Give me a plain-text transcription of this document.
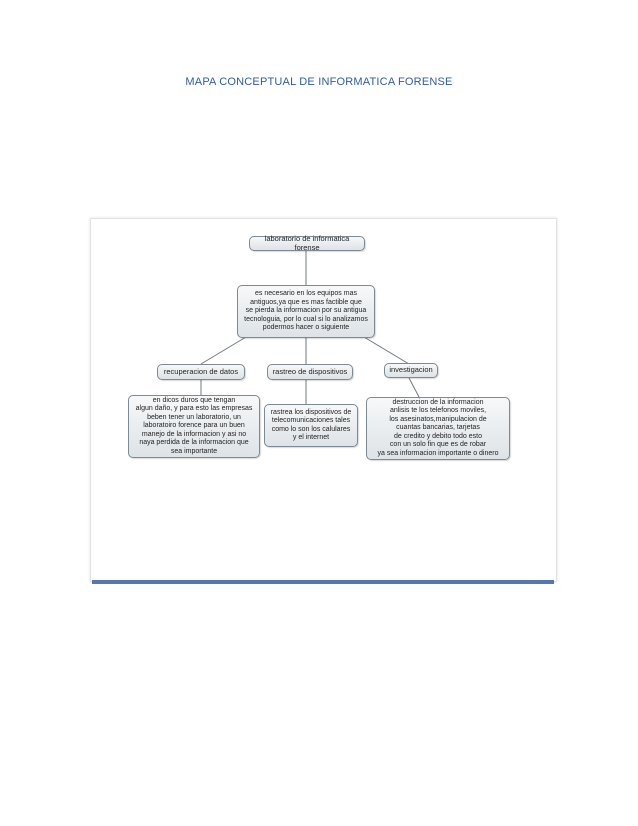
MAPA CONCEPTUAL DE INFORMATICA FORENSE
laboratorio de informatica forense
es necesario en los equipos mas
antiguos,ya que es mas factible que
se pierda la informacion por su antigua
tecnologuia, por lo cual si lo analizamos
podermos hacer o siguiente
recuperacion de datos	rastreo de dispositivos	investigacion
en dicos duros que tengan
algun daño, y para esto las empresas
beben tener un laboratorio, un
laboratoiro forence para un buen
manejo de la informacion y asi no
naya perdida de la informacion que
sea importante
rastrea los dispositivos de
telecomunicaciones tales
como lo son los calulares
y el internet
destruccion de la informacion
anlisis te los telefonos moviles,
los asesinatos,manipulacion de
cuantas bancarias, tarjetas
de credito y debito todo esto
con un solo fin que es de robar
ya sea informacion importante o dinero
